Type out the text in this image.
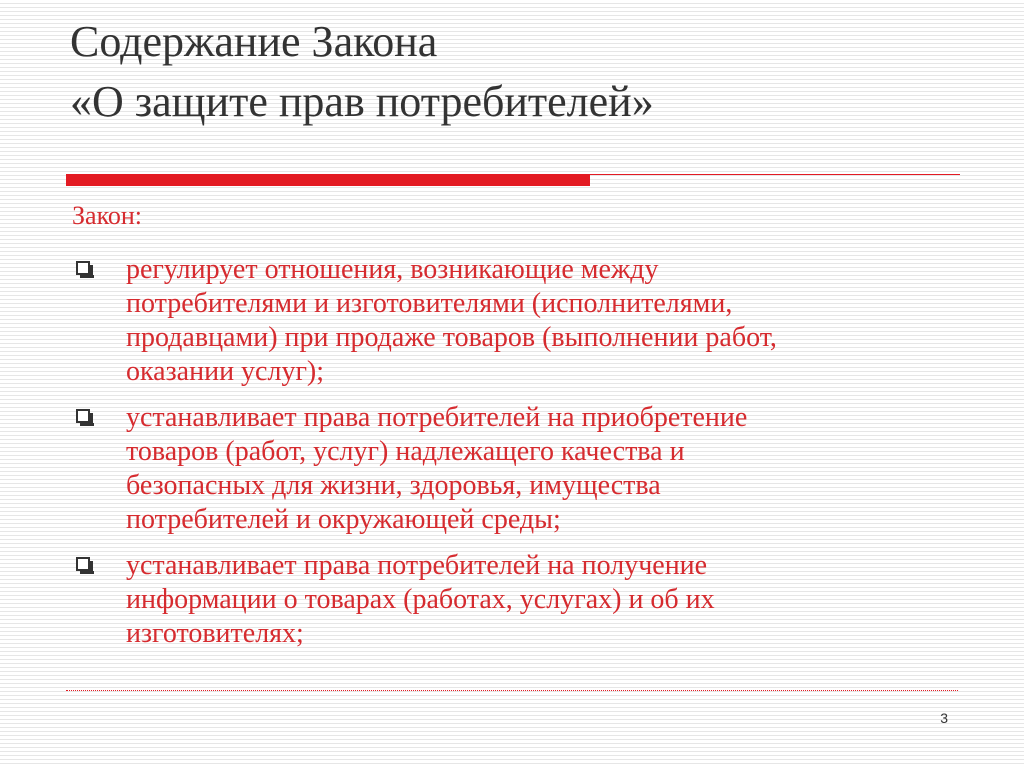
Содержание Закона
«О защите прав потребителей»
Закон:
регулирует отношения, возникающие между
потребителями и изготовителями (исполнителями,
продавцами) при продаже товаров (выполнении работ,
оказании услуг);
устанавливает права потребителей на приобретение
товаров (работ, услуг) надлежащего качества и
безопасных для жизни, здоровья, имущества
потребителей и окружающей среды;
устанавливает права потребителей на получение
информации о товарах (работах, услугах) и об их
изготовителях;
3
